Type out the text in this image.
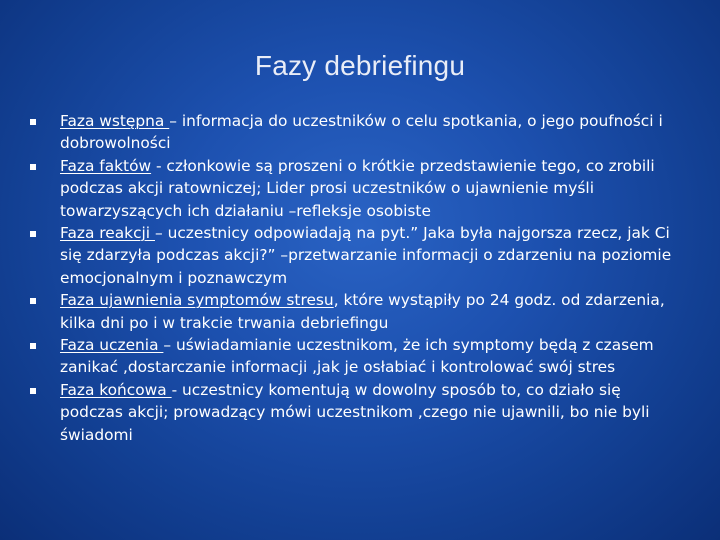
Fazy debriefingu
Faza wstępna – informacja do uczestników o celu spotkania, o jego poufności i dobrowolności
Faza faktów - członkowie są proszeni o krótkie przedstawienie tego, co zrobili podczas akcji ratowniczej; Lider prosi uczestników o ujawnienie myśli towarzyszących ich działaniu –refleksje osobiste
Faza reakcji – uczestnicy odpowiadają na pyt.” Jaka była najgorsza rzecz, jak Ci się zdarzyła podczas akcji?” –przetwarzanie informacji o zdarzeniu na poziomie emocjonalnym i poznawczym
Faza ujawnienia symptomów stresu, które wystąpiły po 24 godz. od zdarzenia, kilka dni po i w trakcie trwania debriefingu
Faza uczenia – uświadamianie uczestnikom, że ich symptomy będą z czasem zanikać ,dostarczanie informacji ,jak je osłabiać i kontrolować swój stres
Faza końcowa - uczestnicy komentują w dowolny sposób to, co działo się podczas akcji; prowadzący mówi uczestnikom ,czego nie ujawnili, bo nie byli świadomi
